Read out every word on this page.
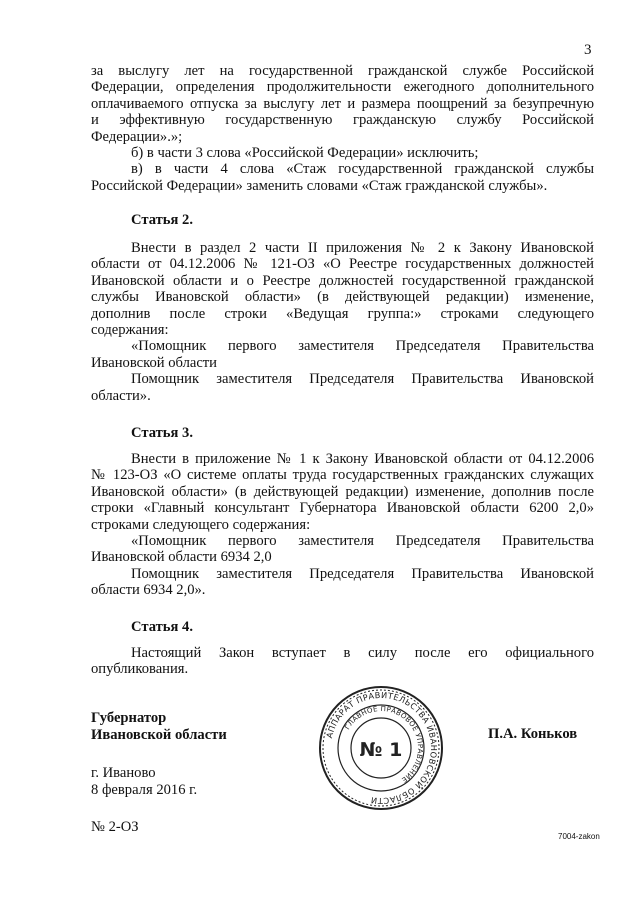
3

за выслугу лет на государственной гражданской службе Российской

Федерации, определения продолжительности ежегодного дополнительного

оплачиваемого отпуска за выслугу лет и размера поощрений за безупречную

и эффективную государственную гражданскую службу Российской

Федерации».»;

б) в части 3 слова «Российской Федерации» исключить;

в) в части 4 слова «Стаж государственной гражданской службы

Российской Федерации» заменить словами «Стаж гражданской службы».

Статья 2.

Внести в раздел 2 части II приложения № 2 к Закону Ивановской

области от 04.12.2006 № 121-ОЗ «О Реестре государственных должностей

Ивановской области и о Реестре должностей государственной гражданской

службы Ивановской области» (в действующей редакции) изменение,

дополнив после строки «Ведущая группа:» строками следующего

содержания:

«Помощник первого заместителя Председателя Правительства

Ивановской области

Помощник заместителя Председателя Правительства Ивановской

области».

Статья 3.

Внести в приложение № 1 к Закону Ивановской области от 04.12.2006

№ 123-ОЗ «О системе оплаты труда государственных гражданских служащих

Ивановской области» (в действующей редакции) изменение, дополнив после

строки «Главный консультант Губернатора Ивановской области 6200 2,0»

строками следующего содержания:

«Помощник первого заместителя Председателя Правительства

Ивановской области 6934 2,0

Помощник заместителя Председателя Правительства Ивановской

области 6934 2,0».

Статья 4.

Настоящий Закон вступает в силу после его официального

опубликования.

Губернатор
Ивановской области	П.А. Коньков
АППАРАТ ПРАВИТЕЛЬСТВА ИВАНОВСКОЙ ОБЛАСТИ
ГЛАВНОЕ ПРАВОВОЕ УПРАВЛЕНИЕ
№ 1
г. Иваново
8 февраля 2016 г.
№ 2-ОЗ
7004-zakon
